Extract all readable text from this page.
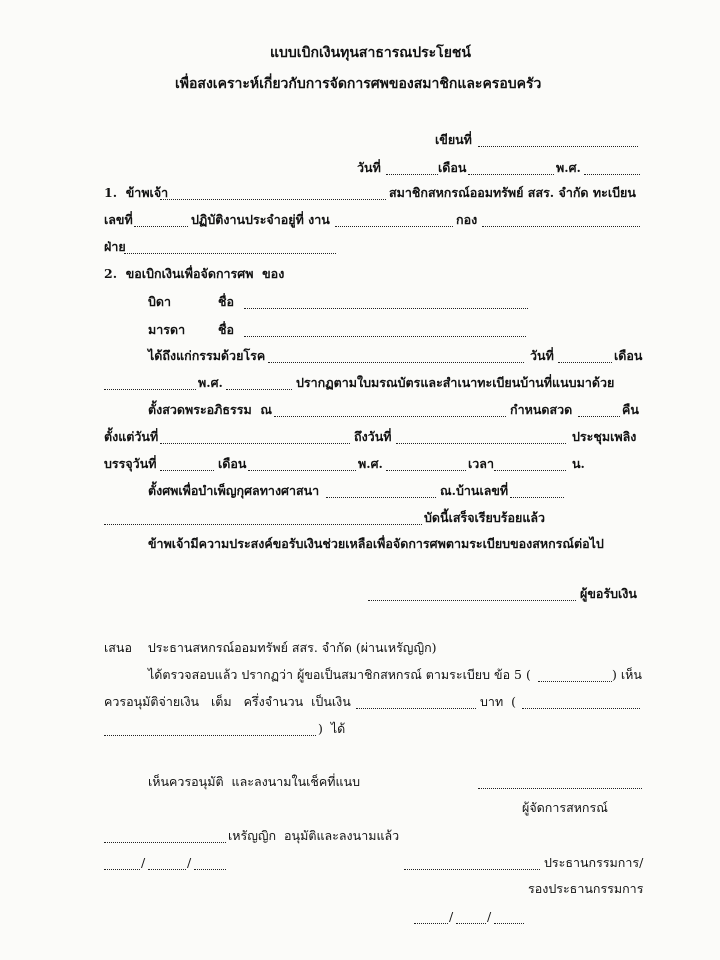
แบบเบิกเงินทุนสาธารณประโยชน์
เพื่อสงเคราะห์เกี่ยวกับการจัดการศพของสมาชิกและครอบครัว
เขียนที่
วันที่	เดือน	พ.ศ.
1.  ข้าพเจ้า	สมาชิกสหกรณ์ออมทรัพย์ สสร. จำกัด ทะเบียน
เลขที่	ปฏิบัติงานประจำอยู่ที่ งาน	กอง
ฝ่าย
2.  ขอเบิกเงินเพื่อจัดการศพ  ของ
บิดา	ชื่อ
มารดา	ชื่อ
ได้ถึงแก่กรรมด้วยโรค	วันที่	เดือน
พ.ศ.	ปรากฏตามใบมรณบัตรและสำเนาทะเบียนบ้านที่แนบมาด้วย
ตั้งสวดพระอภิธรรม  ณ	กำหนดสวด	คืน
ตั้งแต่วันที่	ถึงวันที่	ประชุมเพลิง
บรรจุวันที่	เดือน	พ.ศ.	เวลา	น.
ตั้งศพเพื่อบำเพ็ญกุศลทางศาสนา	ณ.บ้านเลขที่
บัดนี้เสร็จเรียบร้อยแล้ว
ข้าพเจ้ามีความประสงค์ขอรับเงินช่วยเหลือเพื่อจัดการศพตามระเบียบของสหกรณ์ต่อไป
ผู้ขอรับเงิน
เสนอ    ประธานสหกรณ์ออมทรัพย์ สสร. จำกัด (ผ่านเหรัญญิก)
ได้ตรวจสอบแล้ว ปรากฏว่า ผู้ขอเป็นสมาชิกสหกรณ์ ตามระเบียบ ข้อ 5 (	) เห็น
ควรอนุมัติจ่ายเงิน   เต็ม   ครึ่งจำนวน  เป็นเงิน	บาท  (
)  ได้
เห็นควรอนุมัติ  และลงนามในเช็คที่แนบ
ผู้จัดการสหกรณ์
เหรัญญิก  อนุมัติและลงนามแล้ว
/	/	ประธานกรรมการ/
รองประธานกรรมการ
/	/
